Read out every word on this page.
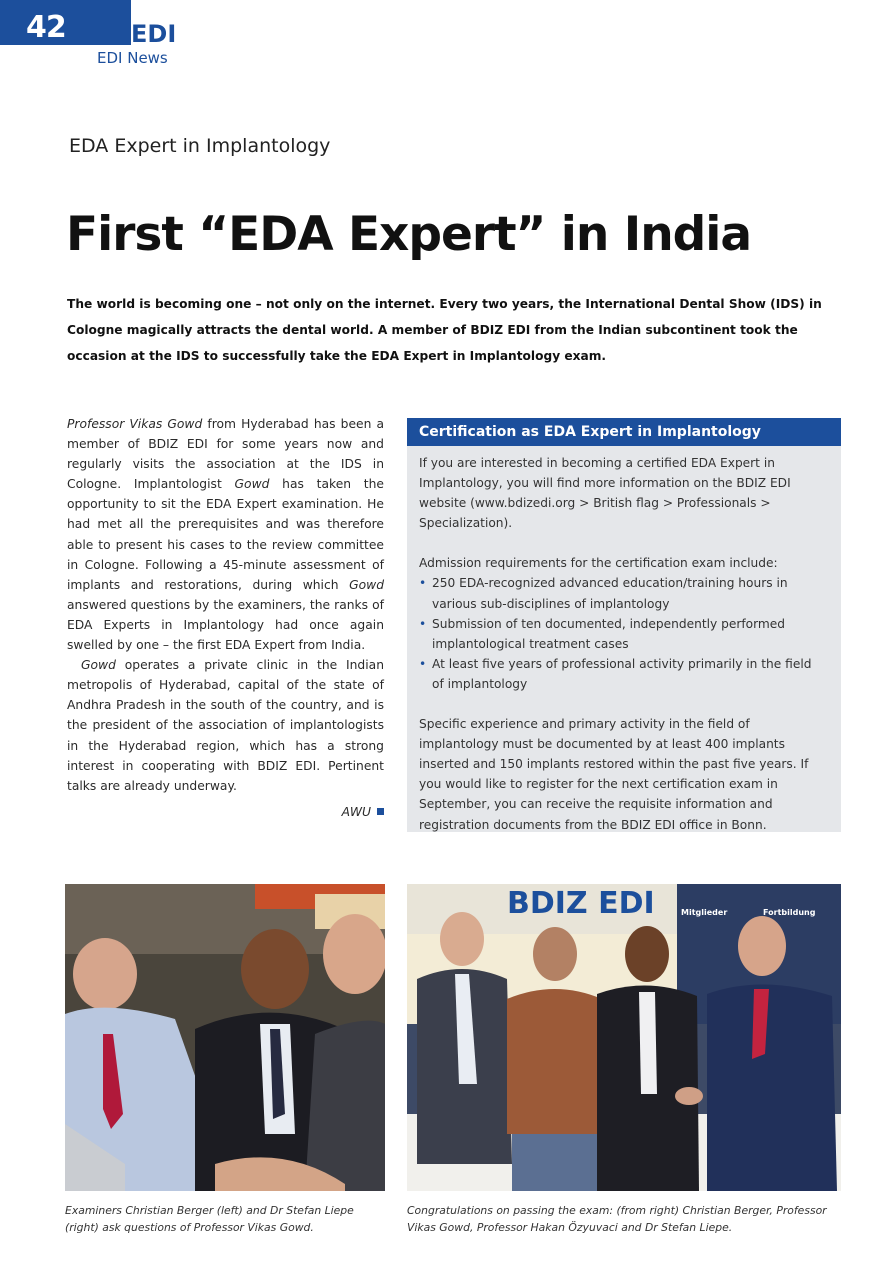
42	EDI
EDI News
EDA Expert in Implantology
First “EDA Expert” in India
The world is becoming one – not only on the internet. Every two years, the International Dental Show (IDS) in Cologne magically attracts the dental world. A member of BDIZ EDI from the Indian subcontinent took the occasion at the IDS to successfully take the EDA Expert in Implantology exam.

Professor Vikas Gowd from Hyderabad has been a member of BDIZ EDI for some years now and regularly visits the association at the IDS in Cologne. Implantologist Gowd has taken the opportunity to sit the EDA Expert examination. He had met all the prerequisites and was therefore able to present his cases to the review committee in Cologne. Following a 45-minute assessment of implants and restorations, during which Gowd answered questions by the examiners, the ranks of EDA Experts in Implantology had once again swelled by one – the first EDA Expert from India.

Gowd operates a private clinic in the Indian metropolis of Hyderabad, capital of the state of Andhra Pradesh in the south of the country, and is the president of the association of implantologists in the Hyderabad region, which has a strong interest in cooperating with BDIZ EDI. Pertinent talks are already underway.

AWU

Certification as EDA Expert in Implantology

If you are interested in becoming a certified EDA Expert in Implantology, you will find more information on the BDIZ EDI website (www.bdizedi.org > British flag > Professionals > Specialization).

Admission requirements for the certification exam include:

• 250 EDA-recognized advanced education/training hours in various sub-disciplines of implantology
• Submission of ten documented, independently performed implantological treatment cases
• At least five years of professional activity primarily in the field of implantology

Specific experience and primary activity in the field of implantology must be documented by at least 400 implants inserted and 150 implants restored within the past five years. If you would like to register for the next certification exam in September, you can receive the requisite information and registration documents from the BDIZ EDI office in Bonn.

BDIZ EDI	Mitglieder	Fortbildung
Examiners Christian Berger (left) and Dr Stefan Liepe (right) ask questions of Professor Vikas Gowd.
Congratulations on passing the exam: (from right) Christian Berger, Professor Vikas Gowd, Professor Hakan Özyuvaci and Dr Stefan Liepe.
